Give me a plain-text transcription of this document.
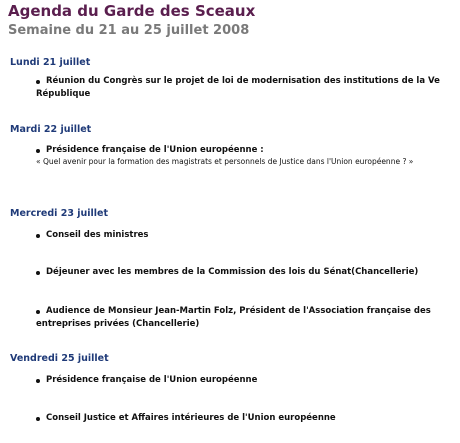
Agenda du Garde des Sceaux
Semaine du 21 au 25 juillet 2008
Lundi 21 juillet
Réunion du Congrès sur le projet de loi de modernisation des institutions de la Ve
République
Mardi 22 juillet
Présidence française de l'Union européenne :
« Quel avenir pour la formation des magistrats et personnels de Justice dans l'Union européenne ? »
Mercredi 23 juillet
Conseil des ministres
Déjeuner avec les membres de la Commission des lois du Sénat(Chancellerie)
Audience de Monsieur Jean-Martin Folz, Président de l'Association française des
entreprises privées (Chancellerie)
Vendredi 25 juillet
Présidence française de l'Union européenne
Conseil Justice et Affaires intérieures de l'Union européenne
